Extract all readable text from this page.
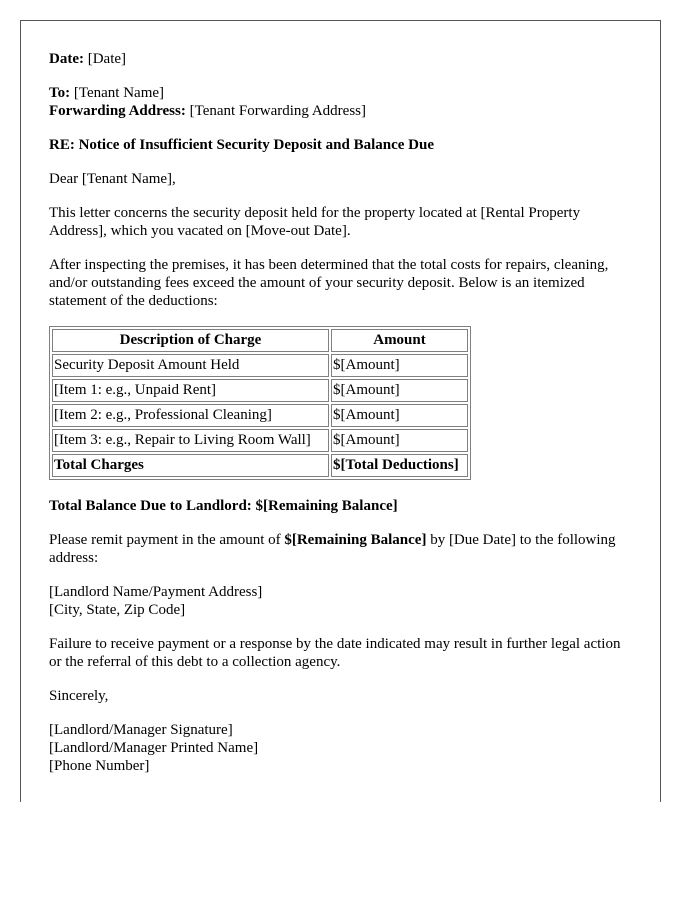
Date: [Date]

To: [Tenant Name]
Forwarding Address: [Tenant Forwarding Address]

RE: Notice of Insufficient Security Deposit and Balance Due

Dear [Tenant Name],

This letter concerns the security deposit held for the property located at [Rental Property Address], which you vacated on [Move-out Date].

After inspecting the premises, it has been determined that the total costs for repairs, cleaning, and/or outstanding fees exceed the amount of your security deposit. Below is an itemized statement of the deductions:

Description of Charge	Amount
Security Deposit Amount Held	$[Amount]
[Item 1: e.g., Unpaid Rent]	$[Amount]
[Item 2: e.g., Professional Cleaning]	$[Amount]
[Item 3: e.g., Repair to Living Room Wall]	$[Amount]
Total Charges	$[Total Deductions]

Total Balance Due to Landlord: $[Remaining Balance]

Please remit payment in the amount of $[Remaining Balance] by [Due Date] to the following address:

[Landlord Name/Payment Address]
[City, State, Zip Code]

Failure to receive payment or a response by the date indicated may result in further legal action or the referral of this debt to a collection agency.

Sincerely,

[Landlord/Manager Signature]
[Landlord/Manager Printed Name]
[Phone Number]
